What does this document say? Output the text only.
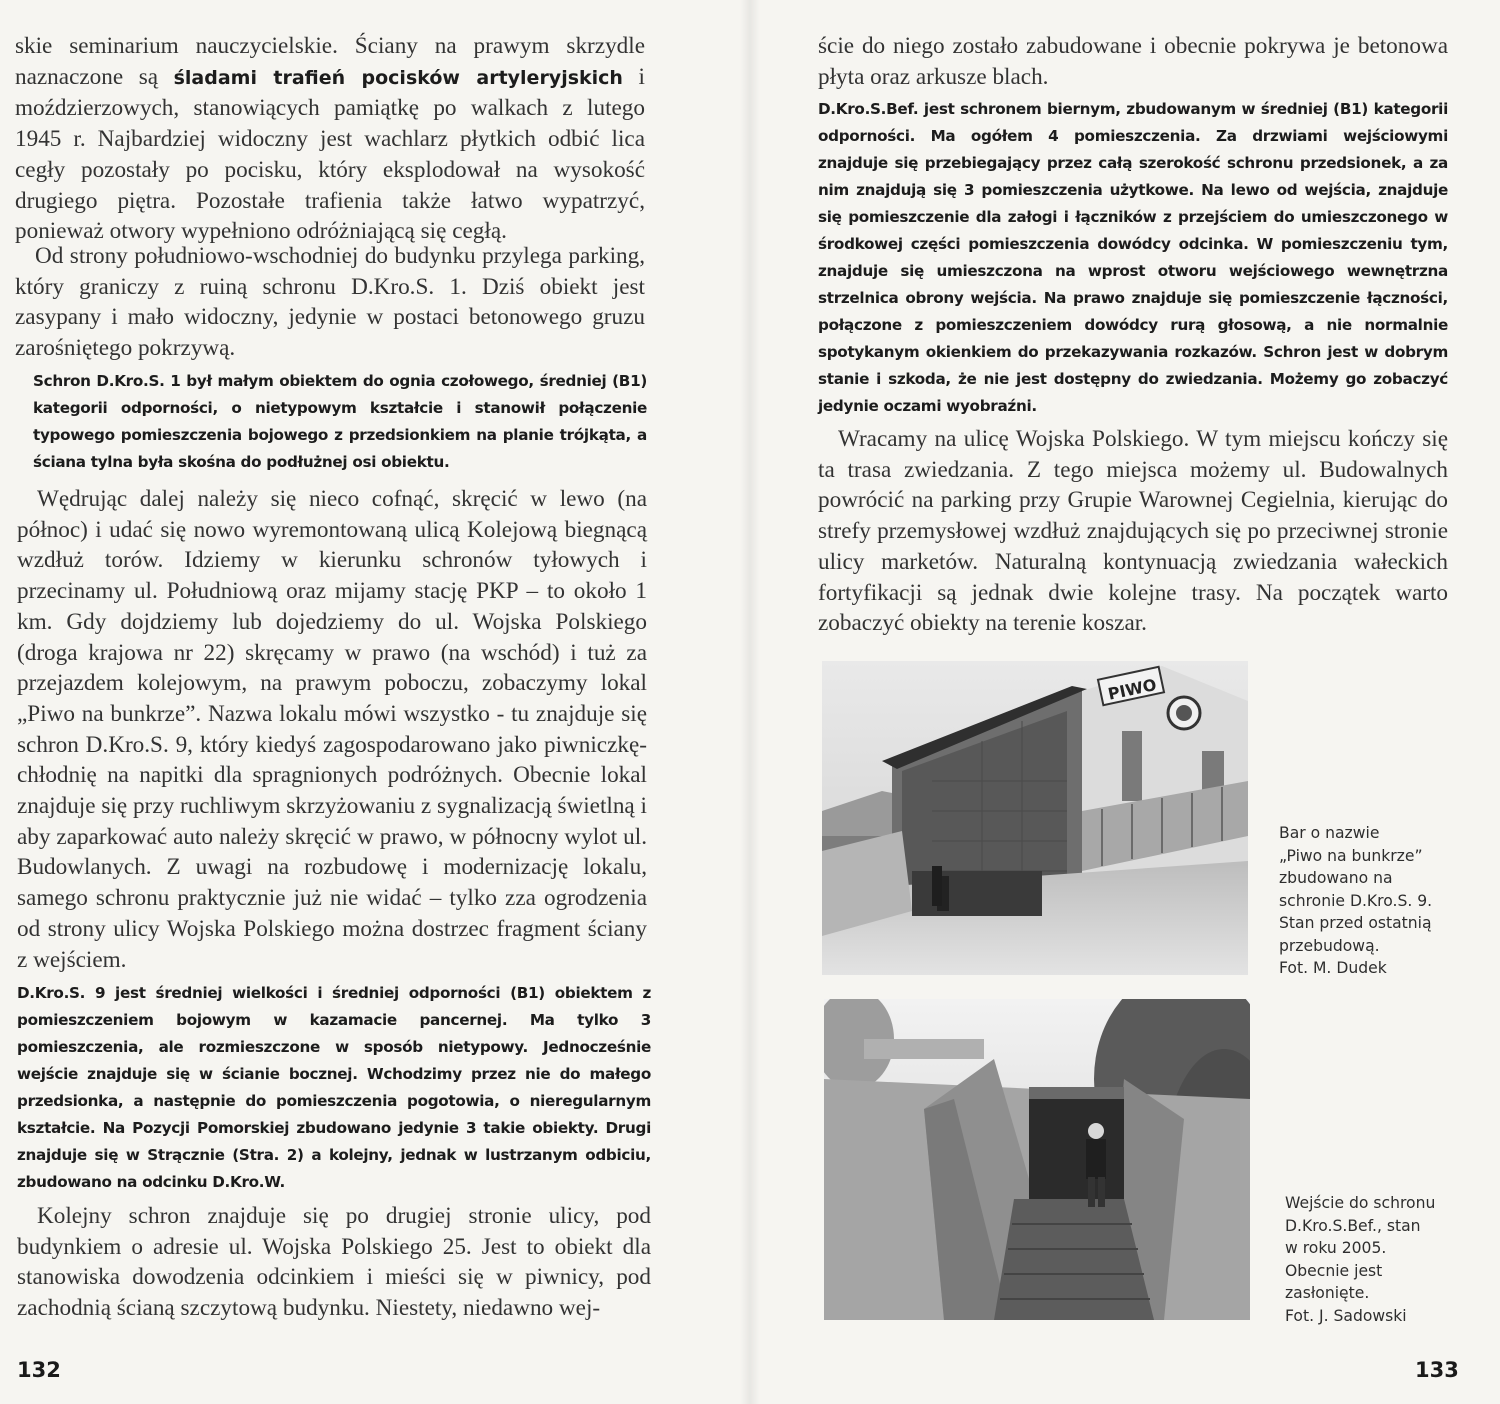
skie seminarium nauczycielskie. Ściany na prawym skrzydle naznaczone są śladami trafień pocisków artyleryjskich i moździerzowych, stanowiących pamiątkę po walkach z lutego 1945 r. Najbardziej widoczny jest wachlarz płytkich odbić lica cegły pozostały po pocisku, który eksplodował na wysokość drugiego piętra. Pozostałe trafienia także łatwo wypatrzyć, ponieważ otwory wypełniono odróżniającą się cegłą.

Od strony południowo-wschodniej do budynku przylega parking, który graniczy z ruiną schronu D.Kro.S. 1. Dziś obiekt jest zasypany i mało widoczny, jedynie w postaci betonowego gruzu zarośniętego pokrzywą.

Schron D.Kro.S. 1 był małym obiektem do ognia czołowego, średniej (B1) kategorii odporności, o nietypowym kształcie i stanowił połączenie typowego pomieszczenia bojowego z przedsionkiem na planie trójkąta, a ściana tylna była skośna do podłużnej osi obiektu.

Wędrując dalej należy się nieco cofnąć, skręcić w lewo (na północ) i udać się nowo wyremontowaną ulicą Kolejową biegnącą wzdłuż torów. Idziemy w kierunku schronów tyłowych i przecinamy ul. Południową oraz mijamy stację PKP – to około 1 km. Gdy dojdziemy lub dojedziemy do ul. Wojska Polskiego (droga krajowa nr 22) skręcamy w prawo (na wschód) i tuż za przejazdem kolejowym, na prawym poboczu, zobaczymy lokal „Piwo na bunkrze”. Nazwa lokalu mówi wszystko - tu znajduje się schron D.Kro.S. 9, który kiedyś zagospodarowano jako piwniczkę-chłodnię na napitki dla spragnionych podróżnych. Obecnie lokal znajduje się przy ruchliwym skrzyżowaniu z sygnalizacją świetlną i aby zaparkować auto należy skręcić w prawo, w północny wylot ul. Budowlanych. Z uwagi na rozbudowę i modernizację lokalu, samego schronu praktycznie już nie widać – tylko zza ogrodzenia od strony ulicy Wojska Polskiego można dostrzec fragment ściany z wejściem.

D.Kro.S. 9 jest średniej wielkości i średniej odporności (B1) obiektem z pomieszczeniem bojowym w kazamacie pancernej. Ma tylko 3 pomieszczenia, ale rozmieszczone w sposób nietypowy. Jednocześnie wejście znajduje się w ścianie bocznej. Wchodzimy przez nie do małego przedsionka, a następnie do pomieszczenia pogotowia, o nieregularnym kształcie. Na Pozycji Pomorskiej zbudowano jedynie 3 takie obiekty. Drugi znajduje się w Strącznie (Stra. 2) a kolejny, jednak w lustrzanym odbiciu, zbudowano na odcinku D.Kro.W.

Kolejny schron znajduje się po drugiej stronie ulicy, pod budynkiem o adresie ul. Wojska Polskiego 25. Jest to obiekt dla stanowiska dowodzenia odcinkiem i mieści się w piwnicy, pod zachodnią ścianą szczytową budynku. Niestety, niedawno wej-

132

ście do niego zostało zabudowane i obecnie pokrywa je betonowa płyta oraz arkusze blach.

D.Kro.S.Bef. jest schronem biernym, zbudowanym w średniej (B1) kategorii odporności. Ma ogółem 4 pomieszczenia. Za drzwiami wejściowymi znajduje się przebiegający przez całą szerokość schronu przedsionek, a za nim znajdują się 3 pomieszczenia użytkowe. Na lewo od wejścia, znajduje się pomieszczenie dla załogi i łączników z przejściem do umieszczonego w środkowej części pomieszczenia dowódcy odcinka. W pomieszczeniu tym, znajduje się umieszczona na wprost otworu wejściowego wewnętrzna strzelnica obrony wejścia. Na prawo znajduje się pomieszczenie łączności, połączone z pomieszczeniem dowódcy rurą głosową, a nie normalnie spotykanym okienkiem do przekazywania rozkazów. Schron jest w dobrym stanie i szkoda, że nie jest dostępny do zwiedzania. Możemy go zobaczyć jedynie oczami wyobraźni.

Wracamy na ulicę Wojska Polskiego. W tym miejscu kończy się ta trasa zwiedzania. Z tego miejsca możemy ul. Budowalnych powrócić na parking przy Grupie Warownej Cegielnia, kierując do strefy przemysłowej wzdłuż znajdujących się po przeciwnej stronie ulicy marketów. Naturalną kontynuacją zwiedzania wałeckich fortyfikacji są jednak dwie kolejne trasy. Na początek warto zobaczyć obiekty na terenie koszar.

PIWO
Bar o nazwie
„Piwo na bunkrze”
zbudowano na
schronie D.Kro.S. 9.
Stan przed ostatnią
przebudową.
Fot. M. Dudek
Wejście do schronu
D.Kro.S.Bef., stan
w roku 2005.
Obecnie jest
zasłonięte.
Fot. J. Sadowski
133
